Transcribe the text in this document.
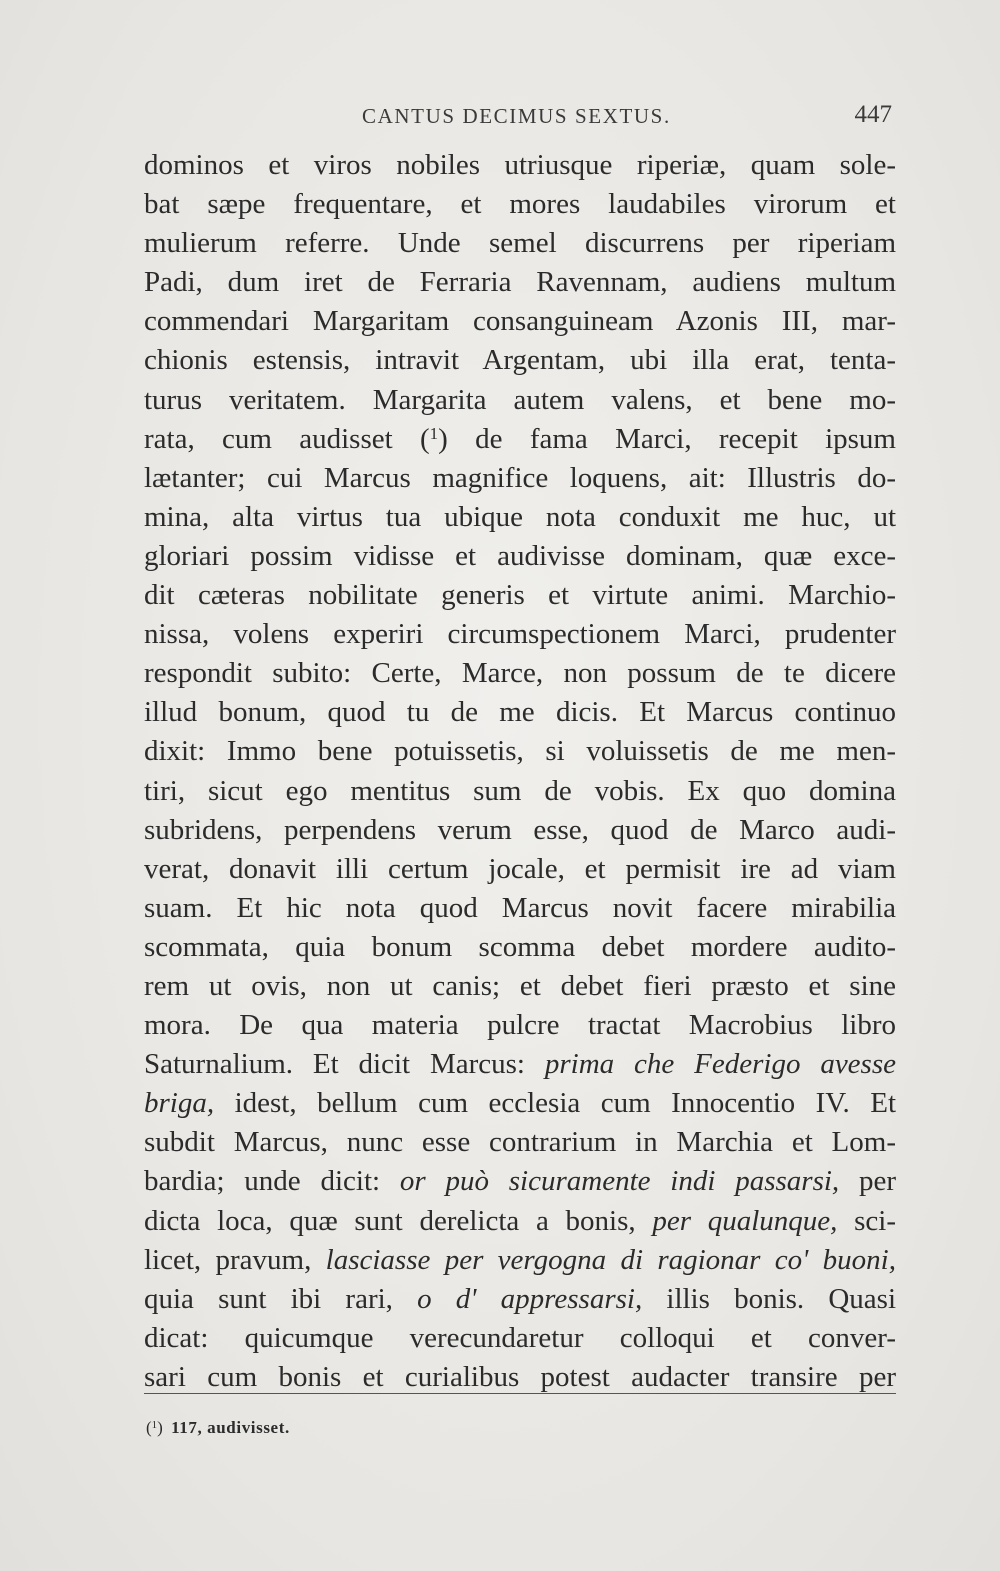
CANTUS DECIMUS SEXTUS.	447
dominos et viros nobiles utriusque riperiæ, quam sole-
bat sæpe frequentare, et mores laudabiles virorum et
mulierum referre. Unde semel discurrens per riperiam
Padi, dum iret de Ferraria Ravennam, audiens multum
commendari Margaritam consanguineam Azonis III, mar-
chionis estensis, intravit Argentam, ubi illa erat, tenta-
turus veritatem. Margarita autem valens, et bene mo-
rata, cum audisset ($^1$) de fama Marci, recepit ipsum
lætanter; cui Marcus magnifice loquens, ait: Illustris do-
mina, alta virtus tua ubique nota conduxit me huc, ut
gloriari possim vidisse et audivisse dominam, quæ exce-
dit cæteras nobilitate generis et virtute animi. Marchio-
nissa, volens experiri circumspectionem Marci, prudenter
respondit subito: Certe, Marce, non possum de te dicere
illud bonum, quod tu de me dicis. Et Marcus continuo
dixit: Immo bene potuissetis, si voluissetis de me men-
tiri, sicut ego mentitus sum de vobis. Ex quo domina
subridens, perpendens verum esse, quod de Marco audi-
verat, donavit illi certum jocale, et permisit ire ad viam
suam. Et hic nota quod Marcus novit facere mirabilia
scommata, quia bonum scomma debet mordere audito-
rem ut ovis, non ut canis; et debet fieri præsto et sine
mora. De qua materia pulcre tractat Macrobius libro
Saturnalium. Et dicit Marcus: prima che Federigo avesse
briga, idest, bellum cum ecclesia cum Innocentio IV. Et
subdit Marcus, nunc esse contrarium in Marchia et Lom-
bardia; unde dicit: or può sicuramente indi passarsi, per
dicta loca, quæ sunt derelicta a bonis, per qualunque, sci-
licet, pravum, lasciasse per vergogna di ragionar co' buoni,
quia sunt ibi rari, o d' appressarsi, illis bonis. Quasi
dicat: quicumque verecundaretur colloqui et conver-
sari cum bonis et curialibus potest audacter transire per
($^1$) 117, audivisset.
